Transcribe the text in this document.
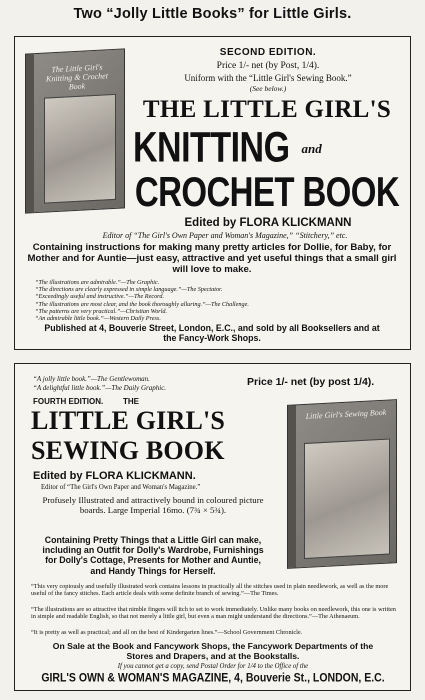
Two “Jolly Little Books” for Little Girls.
The Little Girl's Knitting & Crochet Book
SECOND EDITION.
Price 1/- net (by Post, 1/4).
Uniform with the “Little Girl's Sewing Book.”
(See below.)
THE LITTLE GIRL'S
KNITTING $^{and}$
CROCHET BOOK
Edited by FLORA KLICKMANN
Editor of “The Girl's Own Paper and Woman's Magazine,” “Stitchery,” etc.
Containing instructions for making many pretty articles for Dollie, for Baby, for Mother and for Auntie—just easy, attractive and yet useful things that a small girl will love to make.
“The illustrations are admirable.”—The Graphic.
“The directions are clearly expressed in simple language.”—The Spectator.
“Exceedingly useful and instructive.”—The Record.
“The illustrations are most clear, and the book thoroughly alluring.”—The Challenge.
“The patterns are very practical.”—Christian World.
“An admirable little book.”—Western Daily Press.
Published at 4, Bouverie Street, London, E.C., and sold by all Booksellers and at the Fancy-Work Shops.
“A jolly little book.”—The Gentlewoman.
“A delightful little book.”—The Daily Graphic.	Price 1/- net (by post 1/4).
FOURTH EDITION. THE
LITTLE GIRL'S
SEWING BOOK
Edited by FLORA KLICKMANN.
Editor of “The Girl's Own Paper and Woman's Magazine.”
Profusely Illustrated and attractively bound in coloured picture boards. Large Imperial 16mo. (7¾ × 5¾).
Containing Pretty Things that a Little Girl can make, including an Outfit for Dolly's Wardrobe, Furnishings for Dolly's Cottage, Presents for Mother and Auntie, and Handy Things for Herself.
Little Girl's Sewing Book
“This very copiously and usefully illustrated work contains lessons in practically all the stitches used in plain needlework, as well as the more useful of the fancy stitches. Each article deals with some definite branch of sewing.”—The Times.
“The illustrations are so attractive that nimble fingers will itch to set to work immediately. Unlike many books on needlework, this one is written in simple and readable English, so that not merely a little girl, but even a man might understand the directions.”—The Athenaeum.
“It is pretty as well as practical; and all on the best of Kindergarten lines.”—School Government Chronicle.
On Sale at the Book and Fancywork Shops, the Fancywork Departments of the Stores and Drapers, and at the Bookstalls.
If you cannot get a copy, send Postal Order for 1/4 to the Office of the
GIRL'S OWN & WOMAN'S MAGAZINE, 4, Bouverie St., LONDON, E.C.
